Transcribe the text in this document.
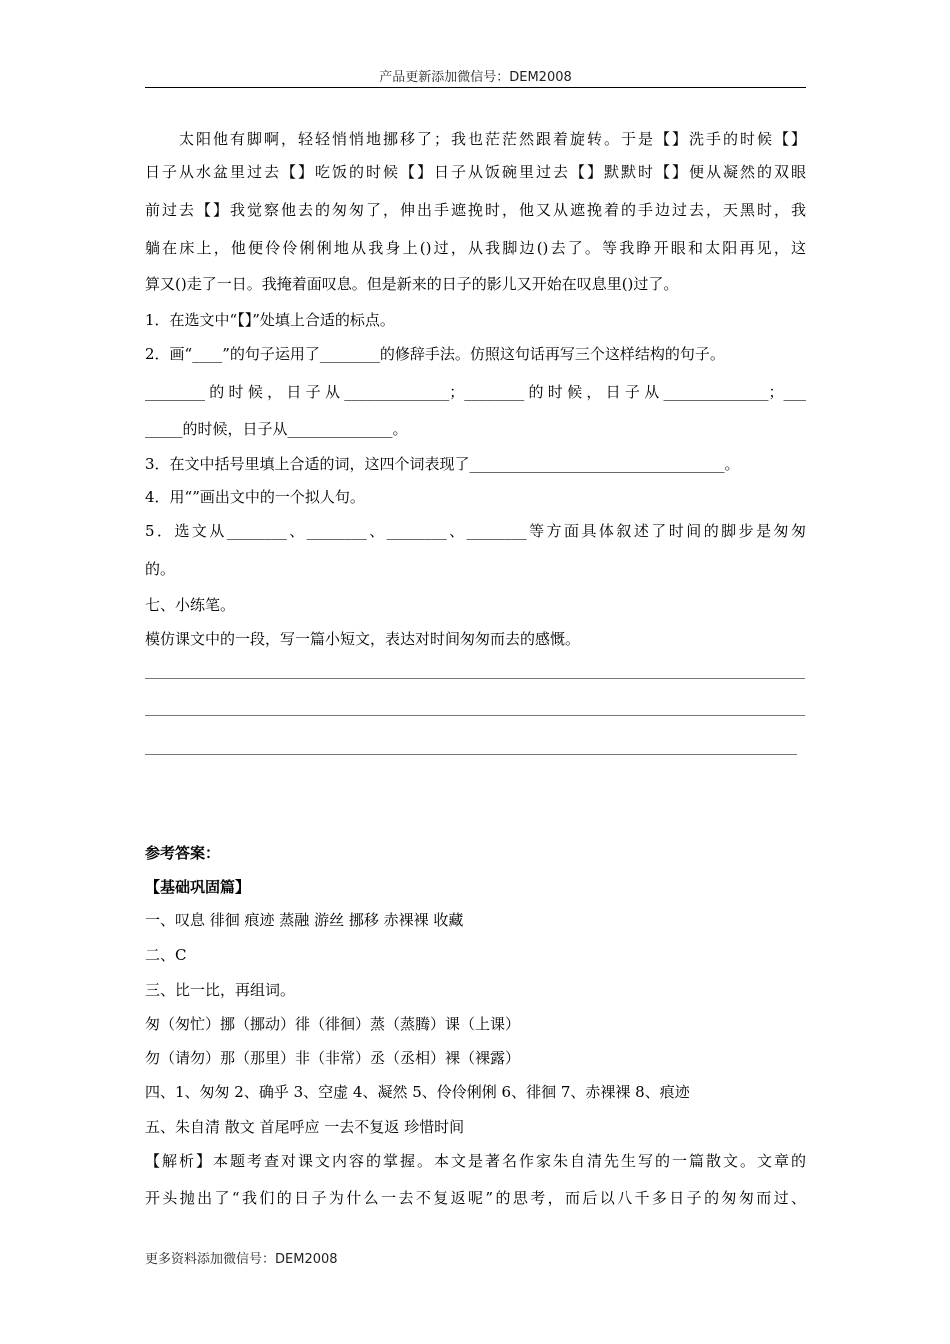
产品更新添加微信号：DEM2008
　　太阳他有脚啊，轻轻悄悄地挪移了；我也茫茫然跟着旋转。于是【】洗手的时候【】
日子从水盆里过去【】吃饭的时候【】日子从饭碗里过去【】默默时【】便从凝然的双眼
前过去【】我觉察他去的匆匆了，伸出手遮挽时，他又从遮挽着的手边过去，天黑时，我
躺在床上，他便伶伶俐俐地从我身上()过，从我脚边()去了。等我睁开眼和太阳再见，这
算又()走了一日。我掩着面叹息。但是新来的日子的影儿又开始在叹息里()过了。
1．在选文中“【】”处填上合适的标点。
2．画“____”的句子运用了________的修辞手法。仿照这句话再写三个这样结构的句子。
________的时候，日子从______________；________的时候，日子从______________；___
_____的时候，日子从______________。
3．在文中括号里填上合适的词，这四个词表现了__________________________________。
4．用“”画出文中的一个拟人句。
5．选文从________、________、________、________等方面具体叙述了时间的脚步是匆匆
的。
七、小练笔。
模仿课文中的一段，写一篇小短文，表达对时间匆匆而去的感慨。
参考答案：
【基础巩固篇】
一、叹息 徘徊 痕迹 蒸融 游丝 挪移 赤裸裸 收藏
二、C
三、比一比，再组词。
匆（匆忙）挪（挪动）徘（徘徊）蒸（蒸腾）课（上课）
勿（请勿）那（那里）非（非常）丞（丞相）裸（裸露）
四、1、匆匆 2、确乎 3、空虚 4、凝然 5、伶伶俐俐 6、徘徊 7、赤裸裸 8、痕迹
五、朱自清 散文 首尾呼应 一去不复返 珍惜时间
【解析】本题考查对课文内容的掌握。本文是著名作家朱自清先生写的一篇散文。文章的
开头抛出了“我们的日子为什么一去不复返呢”的思考，而后以八千多日子的匆匆而过、
更多资料添加微信号：DEM2008
